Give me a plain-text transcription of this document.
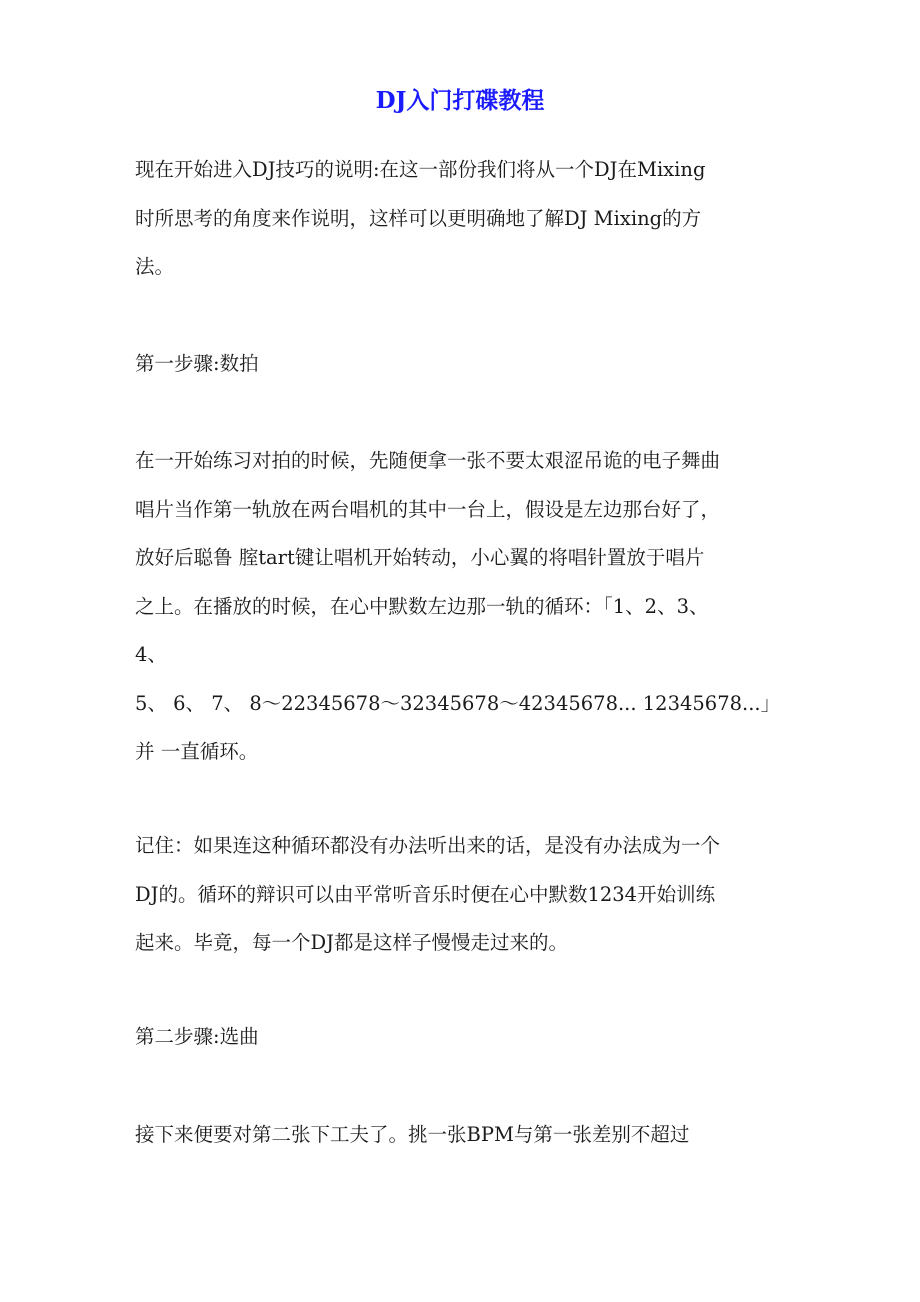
DJ入门打碟教程

现在开始进入DJ技巧的说明:在这一部份我们将从一个DJ在Mixing
时所思考的角度来作说明，这样可以更明确地了解DJ Mixing的方
法。

第一步骤:数拍

在一开始练习对拍的时候，先随便拿一张不要太艰涩吊诡的电子舞曲
唱片当作第一轨放在两台唱机的其中一台上，假设是左边那台好了，
放好后聪鲁 腟tart键让唱机开始转动，小心翼的将唱针置放于唱片
之上。在播放的时候，在心中默数左边那一轨的循环：「1、2、3、
4、
5、 6、 7、 8～22345678～32345678～42345678... 12345678...」
并 一直循环。

记住：如果连这种循环都没有办法听出来的话，是没有办法成为一个
DJ的。循环的辩识可以由平常听音乐时便在心中默数1234开始训练
起来。毕竟，每一个DJ都是这样子慢慢走过来的。

第二步骤:选曲

接下来便要对第二张下工夫了。挑一张BPM与第一张差别不超过
